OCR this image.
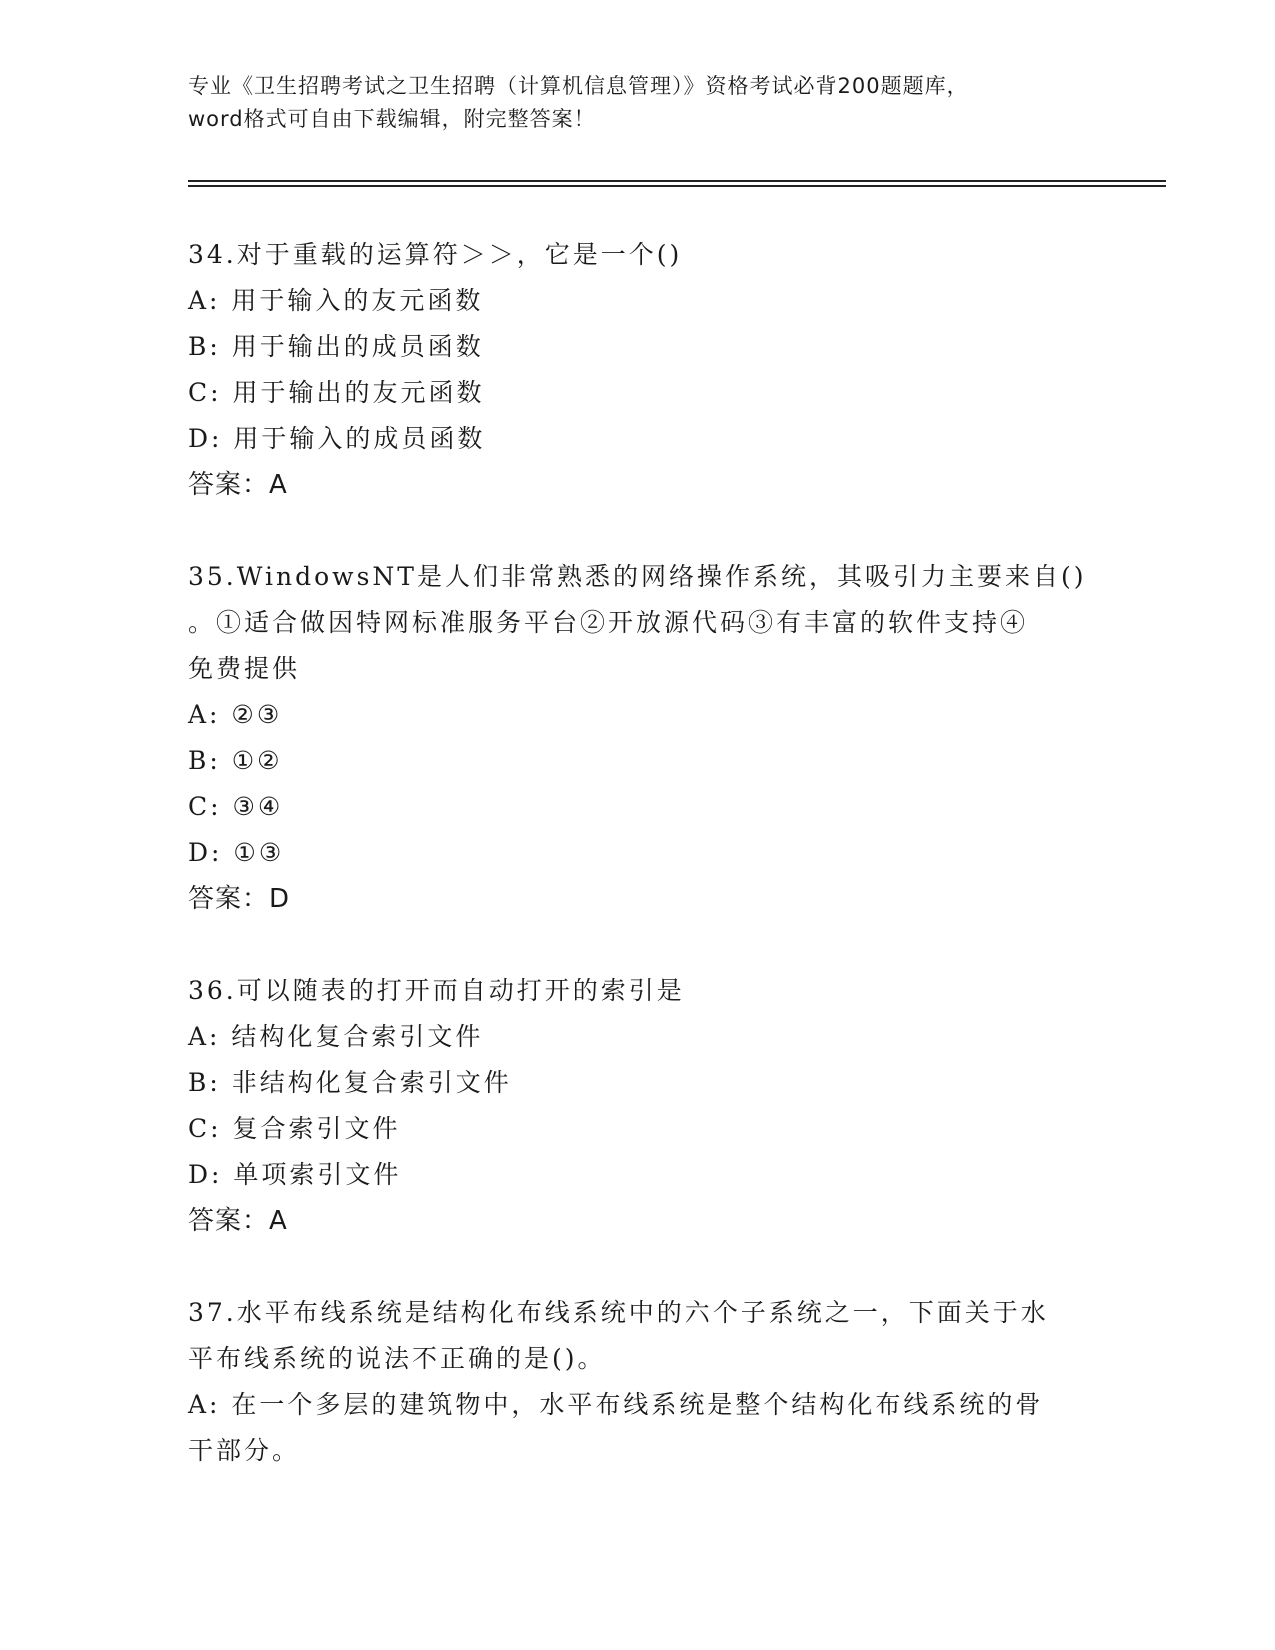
专业《卫生招聘考试之卫生招聘（计算机信息管理）》资格考试必背200题题库，
word格式可自由下载编辑，附完整答案！
34.对于重载的运算符＞＞，它是一个()
A: 用于输入的友元函数
B: 用于输出的成员函数
C: 用于输出的友元函数
D: 用于输入的成员函数
答案：A
35.WindowsNT是人们非常熟悉的网络操作系统，其吸引力主要来自()
。①适合做因特网标准服务平台②开放源代码③有丰富的软件支持④
免费提供
A: ②③
B: ①②
C: ③④
D: ①③
答案：D
36.可以随表的打开而自动打开的索引是
A: 结构化复合索引文件
B: 非结构化复合索引文件
C: 复合索引文件
D: 单项索引文件
答案：A
37.水平布线系统是结构化布线系统中的六个子系统之一，下面关于水
平布线系统的说法不正确的是()。
A: 在一个多层的建筑物中，水平布线系统是整个结构化布线系统的骨
干部分。
